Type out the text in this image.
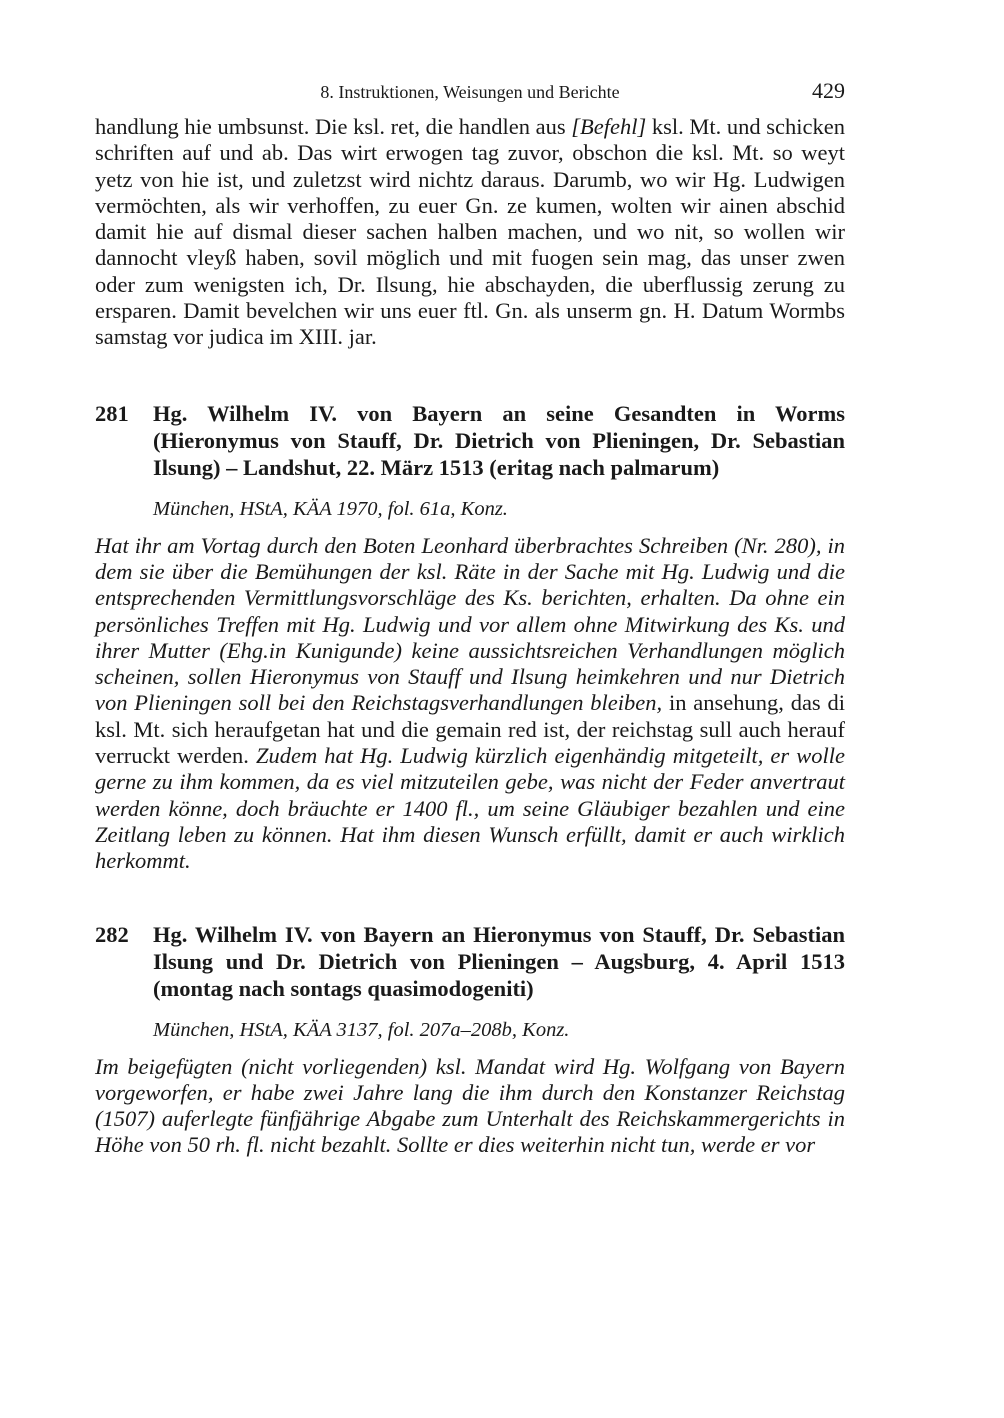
8. Instruktionen, Weisungen und Berichte	429

handlung hie umbsunst. Die ksl. ret, die handlen aus [Befehl] ksl. Mt. und schicken schriften auf und ab. Das wirt erwogen tag zuvor, obschon die ksl. Mt. so weyt yetz von hie ist, und zuletzst wird nichtz daraus. Darumb, wo wir Hg. Ludwigen vermöchten, als wir verhoffen, zu euer Gn. ze kumen, wolten wir ainen abschid damit hie auf dismal dieser sachen halben machen, und wo nit, so wollen wir dannocht vleyß haben, sovil möglich und mit fuogen sein mag, das unser zwen oder zum wenigsten ich, Dr. Ilsung, hie abschayden, die uberflussig zerung zu ersparen. Damit bevelchen wir uns euer ftl. Gn. als unserm gn. H. Datum Wormbs samstag vor judica im XIII. jar.

281	Hg. Wilhelm IV. von Bayern an seine Gesandten in Worms (Hieronymus von Stauff, Dr. Dietrich von Plieningen, Dr. Sebastian Ilsung) – Landshut, 22. März 1513 (eritag nach palmarum)
München, HStA, KÄA 1970, fol. 61a, Konz.

Hat ihr am Vortag durch den Boten Leonhard überbrachtes Schreiben (Nr. 280), in dem sie über die Bemühungen der ksl. Räte in der Sache mit Hg. Ludwig und die entsprechenden Vermittlungsvorschläge des Ks. berichten, erhalten. Da ohne ein persönliches Treffen mit Hg. Ludwig und vor allem ohne Mitwirkung des Ks. und ihrer Mutter (Ehg.in Kunigunde) keine aussichtsreichen Verhandlungen möglich scheinen, sollen Hieronymus von Stauff und Ilsung heimkehren und nur Dietrich von Plieningen soll bei den Reichstagsverhandlungen bleiben, in ansehung, das di ksl. Mt. sich heraufgetan hat und die gemain red ist, der reichstag sull auch herauf verruckt werden. Zudem hat Hg. Ludwig kürzlich eigenhändig mitgeteilt, er wolle gerne zu ihm kommen, da es viel mitzuteilen gebe, was nicht der Feder anvertraut werden könne, doch bräuchte er 1400 fl., um seine Gläubiger bezahlen und eine Zeitlang leben zu können. Hat ihm diesen Wunsch erfüllt, damit er auch wirklich herkommt.

282	Hg. Wilhelm IV. von Bayern an Hieronymus von Stauff, Dr. Sebastian Ilsung und Dr. Dietrich von Plieningen – Augsburg, 4. April 1513 (montag nach sontags quasimodogeniti)
München, HStA, KÄA 3137, fol. 207a–208b, Konz.

Im beigefügten (nicht vorliegenden) ksl. Mandat wird Hg. Wolfgang von Bayern vorgeworfen, er habe zwei Jahre lang die ihm durch den Konstanzer Reichstag (1507) auferlegte fünfjährige Abgabe zum Unterhalt des Reichskammergerichts in Höhe von 50 rh. fl. nicht bezahlt. Sollte er dies weiterhin nicht tun, werde er vor
